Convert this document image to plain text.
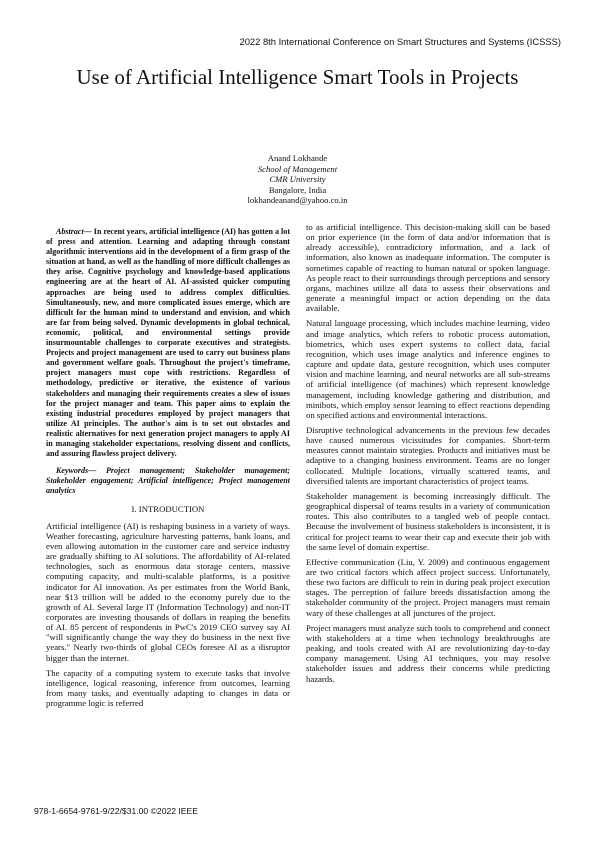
2022 8th International Conference on Smart Structures and Systems (ICSSS)
Use of Artificial Intelligence Smart Tools in Projects
Anand Lokhande
School of Management
CMR University
Bangalore, India
lokhandeanand@yahoo.co.in

Abstract— In recent years, artificial intelligence (AI) has gotten a lot of press and attention. Learning and adapting through constant algorithmic interventions aid in the development of a firm grasp of the situation at hand, as well as the handling of more difficult challenges as they arise. Cognitive psychology and knowledge-based applications engineering are at the heart of AI. AI-assisted quicker computing approaches are being used to address complex difficulties. Simultaneously, new, and more complicated issues emerge, which are difficult for the human mind to understand and envision, and which are far from being solved. Dynamic developments in global technical, economic, political, and environmental settings provide insurmountable challenges to corporate executives and strategists. Projects and project management are used to carry out business plans and government welfare goals. Throughout the project's timeframe, project managers must cope with restrictions. Regardless of methodology, predictive or iterative, the existence of various stakeholders and managing their requirements creates a slew of issues for the project manager and team. This paper aims to explain the existing industrial procedures employed by project managers that utilize AI principles. The author's aim is to set out obstacles and realistic alternatives for next generation project managers to apply AI in managing stakeholder expectations, resolving dissent and conflicts, and assuring flawless project delivery.

Keywords— Project management; Stakeholder management; Stakeholder engagement; Artificial intelligence; Project management analytics

I. INTRODUCTION

Artificial intelligence (AI) is reshaping business in a variety of ways. Weather forecasting, agriculture harvesting patterns, bank loans, and even allowing automation in the customer care and service industry are gradually shifting to AI solutions. The affordability of AI-related technologies, such as enormous data storage centers, massive computing capacity, and multi-scalable platforms, is a positive indicator for AI innovation. As per estimates from the World Bank, near $13 trillion will be added to the economy purely due to the growth of AI. Several large IT (Information Technology) and non-IT corporates are investing thousands of dollars in reaping the benefits of AI. 85 percent of respondents in PwC's 2019 CEO survey say AI "will significantly change the way they do business in the next five years." Nearly two-thirds of global CEOs foresee AI as a disruptor bigger than the internet.

The capacity of a computing system to execute tasks that involve intelligence, logical reasoning, inference from outcomes, learning from many tasks, and eventually adapting to changes in data or programme logic is referred

to as artificial intelligence. This decision-making skill can be based on prior experience (in the form of data and/or information that is already accessible), contradictory information, and a lack of information, also known as inadequate information. The computer is sometimes capable of reacting to human natural or spoken language. As people react to their surroundings through perceptions and sensory organs, machines utilize all data to assess their observations and generate a meaningful impact or action depending on the data available.

Natural language processing, which includes machine learning, video and image analytics, which refers to robotic process automation, biometrics, which uses expert systems to collect data, facial recognition, which uses image analytics and inference engines to capture and update data, gesture recognition, which uses computer vision and machine learning, and neural networks are all sub-streams of artificial intelligence (of machines) which represent knowledge management, including knowledge gathering and distribution, and minibots, which employ sensor learning to effect reactions depending on specified actions and environmental interactions.

Disruptive technological advancements in the previous few decades have caused numerous vicissitudes for companies. Short-term measures cannot maintain strategies. Products and initiatives must be adaptive to a changing business environment. Teams are no longer collocated. Multiple locations, virtually scattered teams, and diversified talents are important characteristics of project teams.

Stakeholder management is becoming increasingly difficult. The geographical dispersal of teams results in a variety of communication routes. This also contributes to a tangled web of people contact. Because the involvement of business stakeholders is inconsistent, it is critical for project teams to wear their cap and execute their job with the same level of domain expertise.

Effective communication (Liu, Y. 2009) and continuous engagement are two critical factors which affect project success. Unfortunately, these two factors are difficult to rein in during peak project execution stages. The perception of failure breeds dissatisfaction among the stakeholder community of the project. Project managers must remain wary of these challenges at all junctures of the project.

Project managers must analyze such tools to comprehend and connect with stakeholders at a time when technology breakthroughs are peaking, and tools created with AI are revolutionizing day-to-day company management. Using AI techniques, you may resolve stakeholder issues and address their concerns while predicting hazards.

978-1-6654-9761-9/22/$31.00 ©2022 IEEE
